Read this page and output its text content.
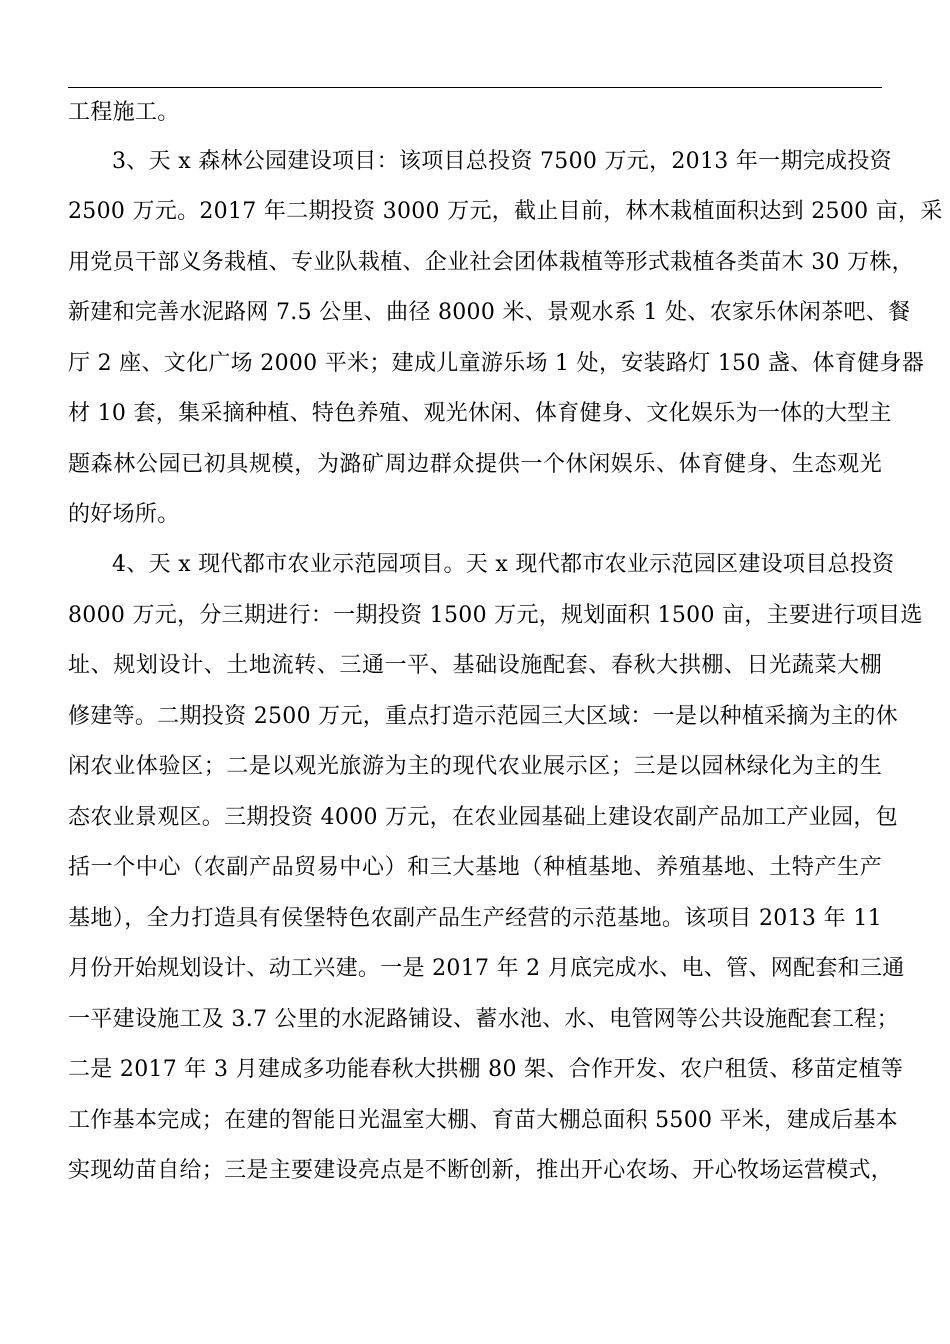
工程施工。
3、天 x 森林公园建设项目：该项目总投资 7500 万元，2013 年一期完成投资
2500 万元。2017 年二期投资 3000 万元，截止目前，林木栽植面积达到 2500 亩，采
用党员干部义务栽植、专业队栽植、企业社会团体栽植等形式栽植各类苗木 30 万株，
新建和完善水泥路网 7.5 公里、曲径 8000 米、景观水系 1 处、农家乐休闲茶吧、餐
厅 2 座、文化广场 2000 平米；建成儿童游乐场 1 处，安装路灯 150 盏、体育健身器
材 10 套，集采摘种植、特色养殖、观光休闲、体育健身、文化娱乐为一体的大型主
题森林公园已初具规模，为潞矿周边群众提供一个休闲娱乐、体育健身、生态观光
的好场所。
4、天 x 现代都市农业示范园项目。天 x 现代都市农业示范园区建设项目总投资
8000 万元，分三期进行：一期投资 1500 万元，规划面积 1500 亩，主要进行项目选
址、规划设计、土地流转、三通一平、基础设施配套、春秋大拱棚、日光蔬菜大棚
修建等。二期投资 2500 万元，重点打造示范园三大区域：一是以种植采摘为主的休
闲农业体验区；二是以观光旅游为主的现代农业展示区；三是以园林绿化为主的生
态农业景观区。三期投资 4000 万元，在农业园基础上建设农副产品加工产业园，包
括一个中心（农副产品贸易中心）和三大基地（种植基地、养殖基地、土特产生产
基地），全力打造具有侯堡特色农副产品生产经营的示范基地。该项目 2013 年 11
月份开始规划设计、动工兴建。一是 2017 年 2 月底完成水、电、管、网配套和三通
一平建设施工及 3.7 公里的水泥路铺设、蓄水池、水、电管网等公共设施配套工程；
二是 2017 年 3 月建成多功能春秋大拱棚 80 架、合作开发、农户租赁、移苗定植等
工作基本完成；在建的智能日光温室大棚、育苗大棚总面积 5500 平米，建成后基本
实现幼苗自给；三是主要建设亮点是不断创新，推出开心农场、开心牧场运营模式，
